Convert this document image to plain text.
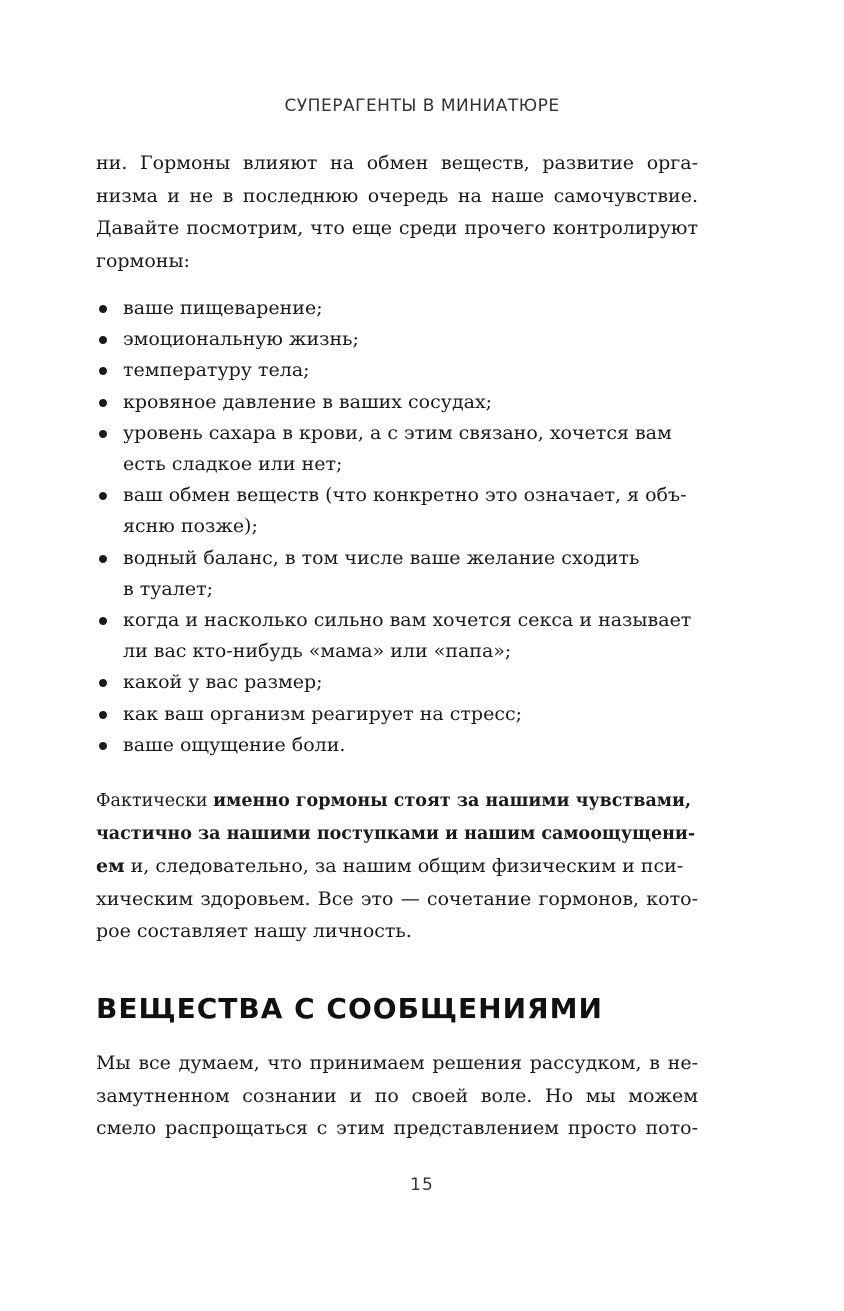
СУПЕРАГЕНТЫ В МИНИАТЮРЕ
ни. Гормоны влияют на обмен веществ, развитие орга-
низма и не в последнюю очередь на наше самочувствие.
Давайте посмотрим, что еще среди прочего контролируют
гормоны:
ваше пищеварение;
эмоциональную жизнь;
температуру тела;
кровяное давление в ваших сосудах;
уровень сахара в крови, а с этим связано, хочется вам
есть сладкое или нет;
ваш обмен веществ (что конкретно это означает, я объ-
ясню позже);
водный баланс, в том числе ваше желание сходить
в туалет;
когда и насколько сильно вам хочется секса и называет
ли вас кто-нибудь «мама» или «папа»;
какой у вас размер;
как ваш организм реагирует на стресс;
ваше ощущение боли.
Фактически именно гормоны стоят за нашими чувствами,
частично за нашими поступками и нашим самоощущени-
ем и, следовательно, за нашим общим физическим и пси-
хическим здоровьем. Все это — сочетание гормонов, кото-
рое составляет нашу личность.
ВЕЩЕСТВА С СООБЩЕНИЯМИ
Мы все думаем, что принимаем решения рассудком, в не-
замутненном сознании и по своей воле. Но мы можем
смело распрощаться с этим представлением просто пото-
15
